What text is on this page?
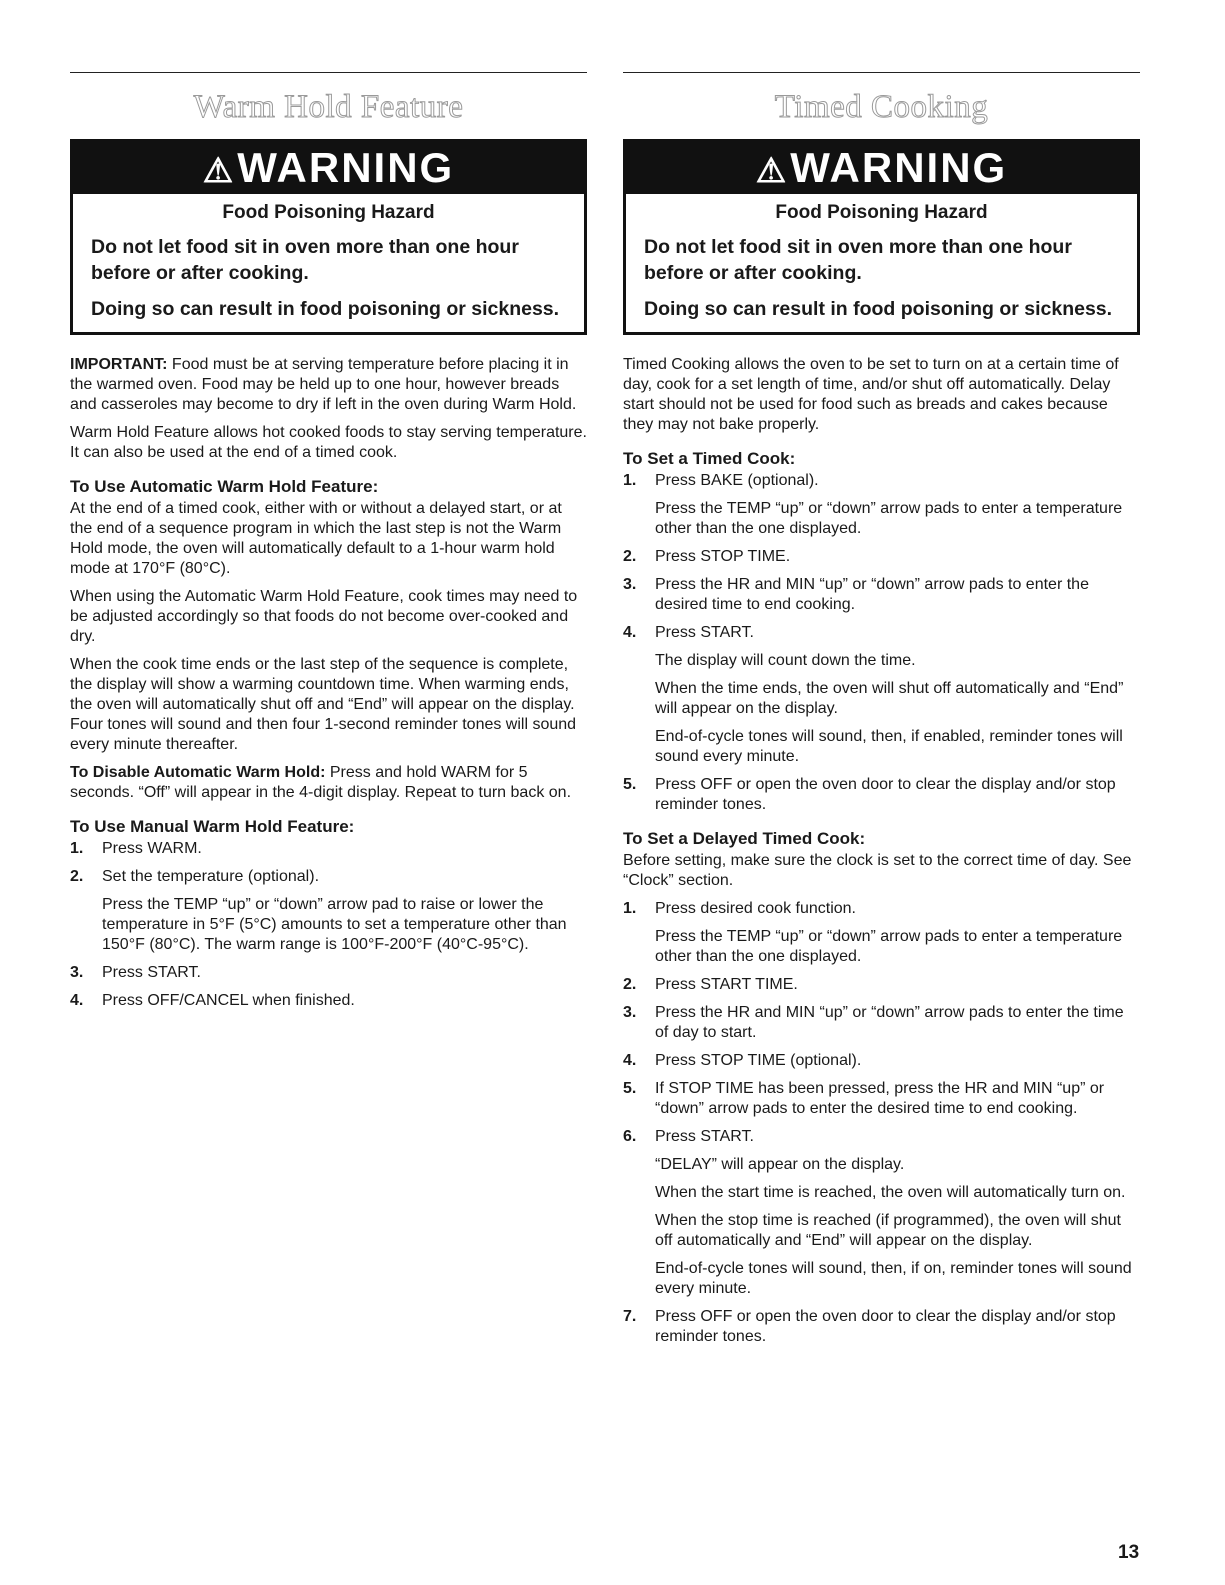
Warm Hold Feature
⚠WARNING

Food Poisoning Hazard

Do not let food sit in oven more than one hour before or after cooking.

Doing so can result in food poisoning or sickness.

IMPORTANT: Food must be at serving temperature before placing it in the warmed oven. Food may be held up to one hour, however breads and casseroles may become to dry if left in the oven during Warm Hold.

Warm Hold Feature allows hot cooked foods to stay serving temperature. It can also be used at the end of a timed cook.

To Use Automatic Warm Hold Feature:

At the end of a timed cook, either with or without a delayed start, or at the end of a sequence program in which the last step is not the Warm Hold mode, the oven will automatically default to a 1-hour warm hold mode at 170°F (80°C).

When using the Automatic Warm Hold Feature, cook times may need to be adjusted accordingly so that foods do not become over-cooked and dry.

When the cook time ends or the last step of the sequence is complete, the display will show a warming countdown time. When warming ends, the oven will automatically shut off and “End” will appear on the display. Four tones will sound and then four 1-second reminder tones will sound every minute thereafter.

To Disable Automatic Warm Hold: Press and hold WARM for 5 seconds. “Off” will appear in the 4-digit display. Repeat to turn back on.

To Use Manual Warm Hold Feature:
1. Press WARM.
2. Set the temperature (optional).
Press the TEMP “up” or “down” arrow pad to raise or lower the temperature in 5°F (5°C) amounts to set a temperature other than 150°F (80°C). The warm range is 100°F-200°F (40°C-95°C).
3. Press START.
4. Press OFF/CANCEL when finished.
Timed Cooking
⚠WARNING

Food Poisoning Hazard

Do not let food sit in oven more than one hour before or after cooking.

Doing so can result in food poisoning or sickness.

Timed Cooking allows the oven to be set to turn on at a certain time of day, cook for a set length of time, and/or shut off automatically. Delay start should not be used for food such as breads and cakes because they may not bake properly.

To Set a Timed Cook:
1. Press BAKE (optional).
Press the TEMP “up” or “down” arrow pads to enter a temperature other than the one displayed.
2. Press STOP TIME.
3. Press the HR and MIN “up” or “down” arrow pads to enter the desired time to end cooking.
4. Press START.
The display will count down the time.
When the time ends, the oven will shut off automatically and “End” will appear on the display.
End-of-cycle tones will sound, then, if enabled, reminder tones will sound every minute.
5. Press OFF or open the oven door to clear the display and/or stop reminder tones.
To Set a Delayed Timed Cook:

Before setting, make sure the clock is set to the correct time of day. See “Clock” section.

1. Press desired cook function.
Press the TEMP “up” or “down” arrow pads to enter a temperature other than the one displayed.
2. Press START TIME.
3. Press the HR and MIN “up” or “down” arrow pads to enter the time of day to start.
4. Press STOP TIME (optional).
5. If STOP TIME has been pressed, press the HR and MIN “up” or “down” arrow pads to enter the desired time to end cooking.
6. Press START.
“DELAY” will appear on the display.
When the start time is reached, the oven will automatically turn on.
When the stop time is reached (if programmed), the oven will shut off automatically and “End” will appear on the display.
End-of-cycle tones will sound, then, if on, reminder tones will sound every minute.
7. Press OFF or open the oven door to clear the display and/or stop reminder tones.
13
